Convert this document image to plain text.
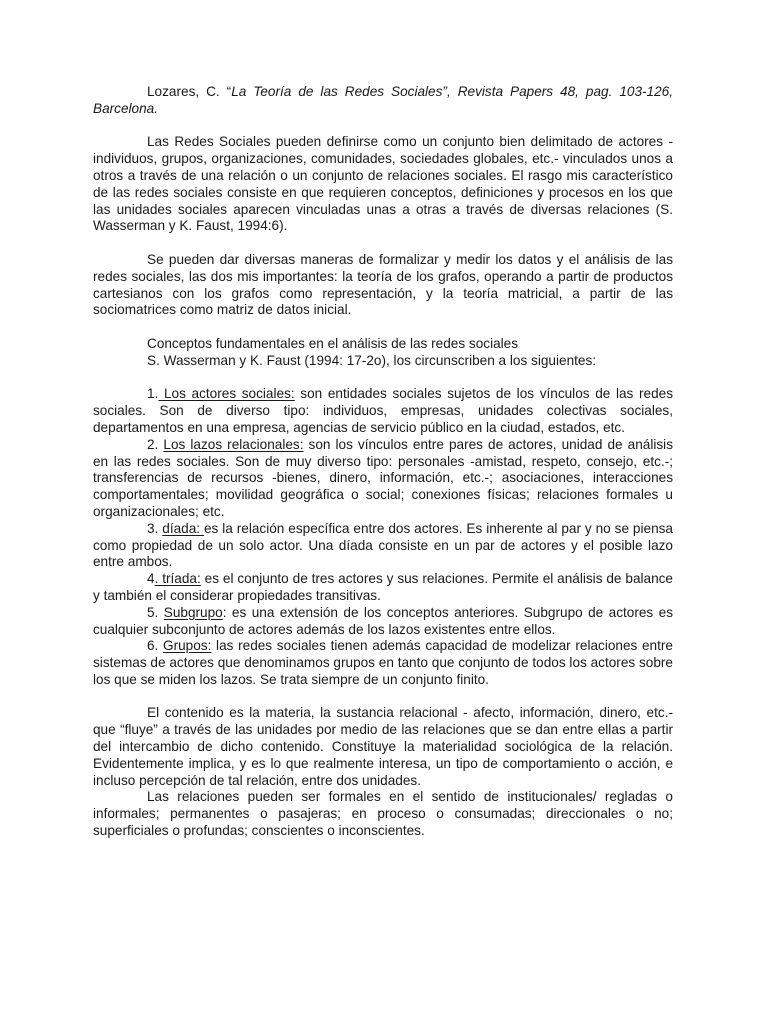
Lozares, C. “La Teoría de las Redes Sociales”, Revista Papers 48, pag. 103-126, Barcelona.

Las Redes Sociales pueden definirse como un conjunto bien delimitado de actores -individuos, grupos, organizaciones, comunidades, sociedades globales, etc.- vinculados unos a otros a través de una relación o un conjunto de relaciones sociales. El rasgo mis característico de las redes sociales consiste en que requieren conceptos, definiciones y procesos en los que las unidades sociales aparecen vinculadas unas a otras a través de diversas relaciones (S. Wasserman y K. Faust, 1994:6).

Se pueden dar diversas maneras de formalizar y medir los datos y el análisis de las redes sociales, las dos mis importantes: la teoría de los grafos, operando a partir de productos cartesianos con los grafos como representación, y la teoría matricial, a partir de las sociomatrices como matriz de datos inicial.

Conceptos fundamentales en el análisis de las redes sociales

S. Wasserman y K. Faust (1994: 17-2o), los circunscriben a los siguientes:

1. Los actores sociales: son entidades sociales sujetos de los vínculos de las redes sociales. Son de diverso tipo: individuos, empresas, unidades colectivas sociales, departamentos en una empresa, agencias de servicio público en la ciudad, estados, etc.

2. Los lazos relacionales: son los vínculos entre pares de actores, unidad de análisis en las redes sociales. Son de muy diverso tipo: personales -amistad, respeto, consejo, etc.-; transferencias de recursos -bienes, dinero, información, etc.-; asociaciones, interacciones comportamentales; movilidad geográfica o social; conexiones físicas; relaciones formales u organizacionales; etc.

3. díada: es la relación específica entre dos actores. Es inherente al par y no se piensa como propiedad de un solo actor. Una díada consiste en un par de actores y el posible lazo entre ambos.

4. tríada: es el conjunto de tres actores y sus relaciones. Permite el análisis de balance y también el considerar propiedades transitivas.

5. Subgrupo: es una extensión de los conceptos anteriores. Subgrupo de actores es cualquier subconjunto de actores además de los lazos existentes entre ellos.

6. Grupos: las redes sociales tienen además capacidad de modelizar relaciones entre sistemas de actores que denominamos grupos en tanto que conjunto de todos los actores sobre los que se miden los lazos. Se trata siempre de un conjunto finito.

El contenido es la materia, la sustancia relacional - afecto, información, dinero, etc.- que “fluye” a través de las unidades por medio de las relaciones que se dan entre ellas a partir del intercambio de dicho contenido. Constituye la materialidad sociológica de la relación. Evidentemente implica, y es lo que realmente interesa, un tipo de comportamiento o acción, e incluso percepción de tal relación, entre dos unidades.

Las relaciones pueden ser formales en el sentido de institucionales/ regladas o informales; permanentes o pasajeras; en proceso o consumadas; direccionales o no; superficiales o profundas; conscientes o inconscientes.
